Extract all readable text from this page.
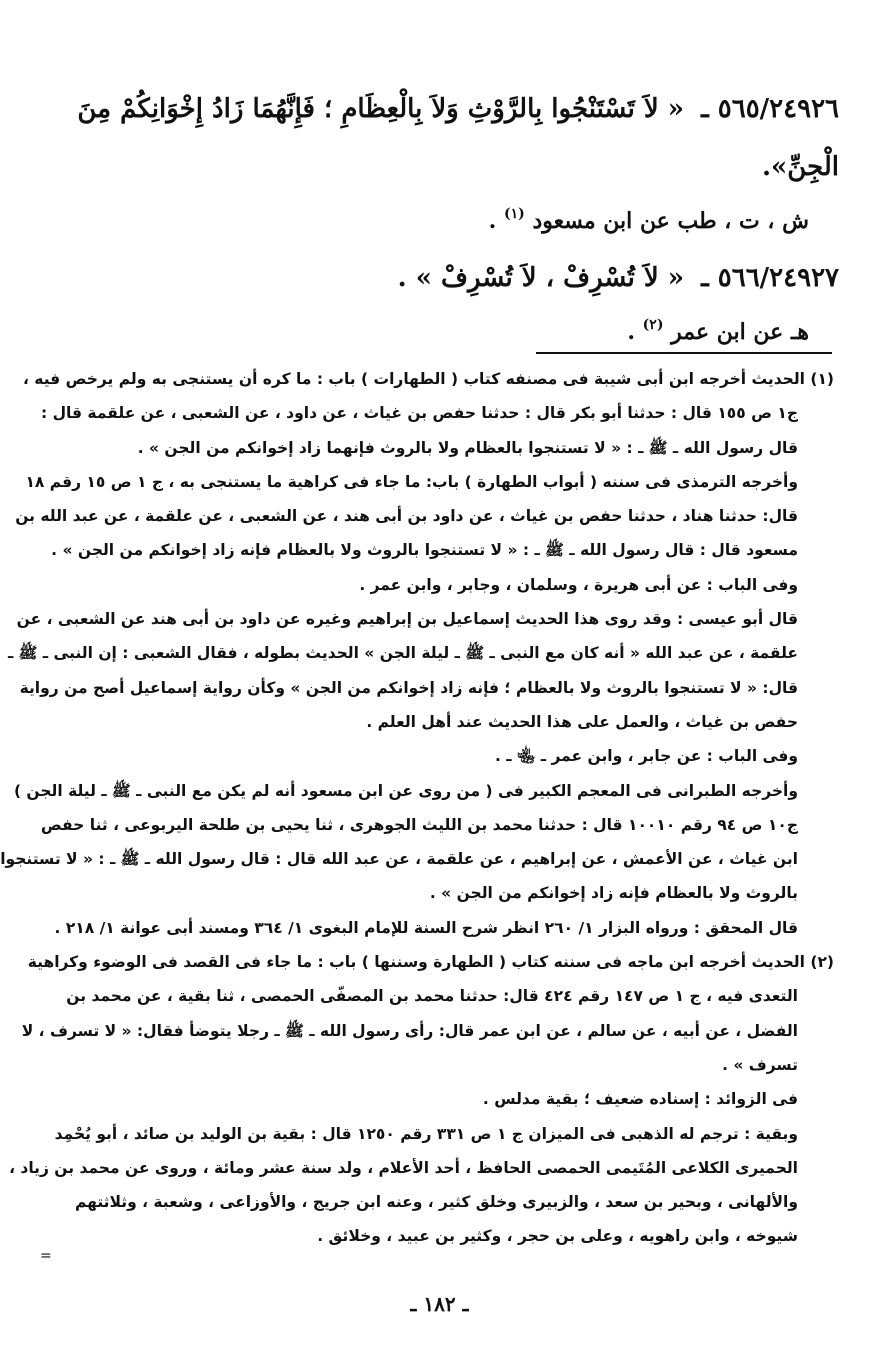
٥٦٥/٢٤٩٢٦ ـ « لاَ تَسْتَنْجُوا بِالرَّوْثِ وَلاَ بِالْعِظَامِ ؛ فَإِنَّهُمَا زَادُ إِخْوَانِكُمْ مِنَ

الْجِنِّ».

ش ، ت ، طب عن ابن مسعود $^{(١)}$ .

٥٦٦/٢٤٩٢٧ ـ « لاَ تُسْرِفْ ، لاَ تُسْرِفْ » .

هـ عن ابن عمر $^{(٢)}$ .

(١) الحديث أخرجه ابن أبى شيبة فى مصنفه كتاب ( الطهارات ) باب : ما كره أن يستنجى به ولم يرخص فيه ،

ج١ ص ١٥٥ قال : حدثنا أبو بكر قال : حدثنا حفص بن غياث ، عن داود ، عن الشعبى ، عن علقمة قال :

قال رسول الله ـ ﷺ ـ : « لا تستنجوا بالعظام ولا بالروث فإنهما زاد إخوانكم من الجن » .

وأخرجه الترمذى فى سننه ( أبواب الطهارة ) باب: ما جاء فى كراهية ما يستنجى به ، ج ١ ص ١٥ رقم ١٨

قال: حدثنا هناد ، حدثنا حفص بن غياث ، عن داود بن أبى هند ، عن الشعبى ، عن علقمة ، عن عبد الله بن

مسعود قال : قال رسول الله ـ ﷺ ـ : « لا تستنجوا بالروث ولا بالعظام فإنه زاد إخوانكم من الجن » .

وفى الباب : عن أبى هريرة ، وسلمان ، وجابر ، وابن عمر .

قال أبو عيسى : وقد روى هذا الحديث إسماعيل بن إبراهيم وغيره عن داود بن أبى هند عن الشعبى ، عن

علقمة ، عن عبد الله « أنه كان مع النبى ـ ﷺ ـ ليلة الجن » الحديث بطوله ، فقال الشعبى : إن النبى ـ ﷺ ـ

قال: « لا تستنجوا بالروث ولا بالعظام ؛ فإنه زاد إخوانكم من الجن » وكأن رواية إسماعيل أصح من رواية

حفص بن غياث ، والعمل على هذا الحديث عند أهل العلم .

وفى الباب : عن جابر ، وابن عمر ـ ﵄ ـ .

وأخرجه الطبرانى فى المعجم الكبير فى ( من روى عن ابن مسعود أنه لم يكن مع النبى ـ ﷺ ـ ليلة الجن )

ج١٠ ص ٩٤ رقم ١٠٠١٠ قال : حدثنا محمد بن الليث الجوهرى ، ثنا يحيى بن طلحة اليربوعى ، ثنا حفص

ابن غياث ، عن الأعمش ، عن إبراهيم ، عن علقمة ، عن عبد الله قال : قال رسول الله ـ ﷺ ـ : « لا تستنجوا

بالروث ولا بالعظام فإنه زاد إخوانكم من الجن » .

قال المحقق : ورواه البزار ١/ ٢٦٠ انظر شرح السنة للإمام البغوى ١/ ٣٦٤ ومسند أبى عوانة ١/ ٢١٨ .

(٢) الحديث أخرجه ابن ماجه فى سننه كتاب ( الطهارة وسننها ) باب : ما جاء فى القصد فى الوضوء وكراهية

التعدى فيه ، ج ١ ص ١٤٧ رقم ٤٢٤ قال: حدثنا محمد بن المصفّى الحمصى ، ثنا بقية ، عن محمد بن

الفضل ، عن أبيه ، عن سالم ، عن ابن عمر قال: رأى رسول الله ـ ﷺ ـ رجلا يتوضأ فقال: « لا تسرف ، لا

تسرف » .

فى الزوائد : إسناده ضعيف ؛ بقية مدلس .

وبقية : ترجم له الذهبى فى الميزان ج ١ ص ٣٣١ رقم ١٢٥٠ قال : بقية بن الوليد بن صائد ، أبو يُحْمِد

الحميرى الكلاعى المُتَيمى الحمصى الحافظ ، أحد الأعلام ، ولد سنة عشر ومائة ، وروى عن محمد بن زياد ،

والألهانى ، وبحير بن سعد ، والزبيرى وخلق كثير ، وعنه ابن جريج ، والأوزاعى ، وشعبة ، وثلاثتهم

شيوخه ، وابن راهويه ، وعلى بن حجر ، وكثير بن عبيد ، وخلائق .

=
ـ ١٨٢ ـ
